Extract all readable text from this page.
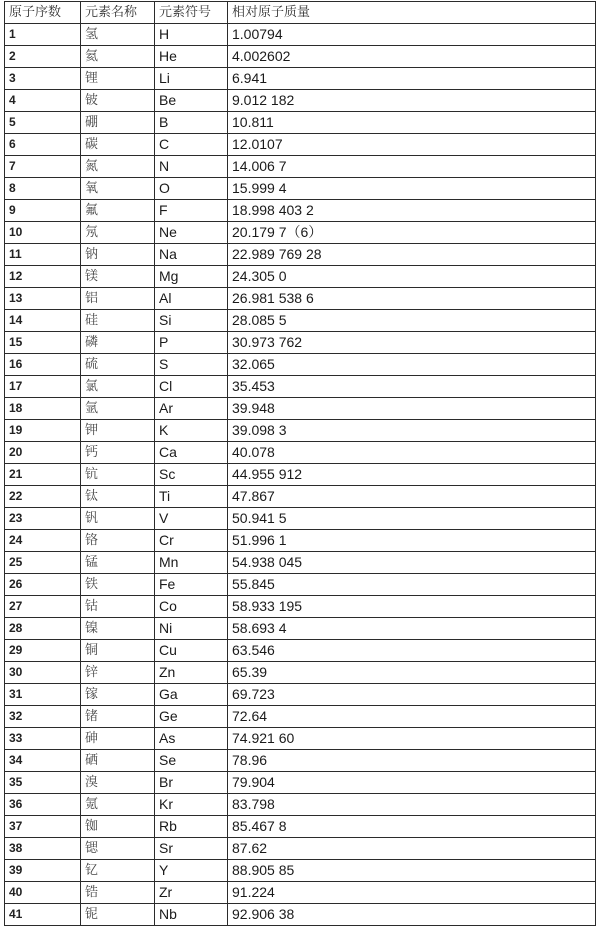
原子序数	元素名称	元素符号	相对原子质量
1	氢	H	1.00794
2	氦	He	4.002602
3	锂	Li	6.941
4	铍	Be	9.012 182
5	硼	B	10.811
6	碳	C	12.0107
7	氮	N	14.006 7
8	氧	O	15.999 4
9	氟	F	18.998 403 2
10	氖	Ne	20.179 7（6）
11	钠	Na	22.989 769 28
12	镁	Mg	24.305 0
13	铝	Al	26.981 538 6
14	硅	Si	28.085 5
15	磷	P	30.973 762
16	硫	S	32.065
17	氯	Cl	35.453
18	氩	Ar	39.948
19	钾	K	39.098 3
20	钙	Ca	40.078
21	钪	Sc	44.955 912
22	钛	Ti	47.867
23	钒	V	50.941 5
24	铬	Cr	51.996 1
25	锰	Mn	54.938 045
26	铁	Fe	55.845
27	钴	Co	58.933 195
28	镍	Ni	58.693 4
29	铜	Cu	63.546
30	锌	Zn	65.39
31	镓	Ga	69.723
32	锗	Ge	72.64
33	砷	As	74.921 60
34	硒	Se	78.96
35	溴	Br	79.904
36	氪	Kr	83.798
37	铷	Rb	85.467 8
38	锶	Sr	87.62
39	钇	Y	88.905 85
40	锆	Zr	91.224
41	铌	Nb	92.906 38
